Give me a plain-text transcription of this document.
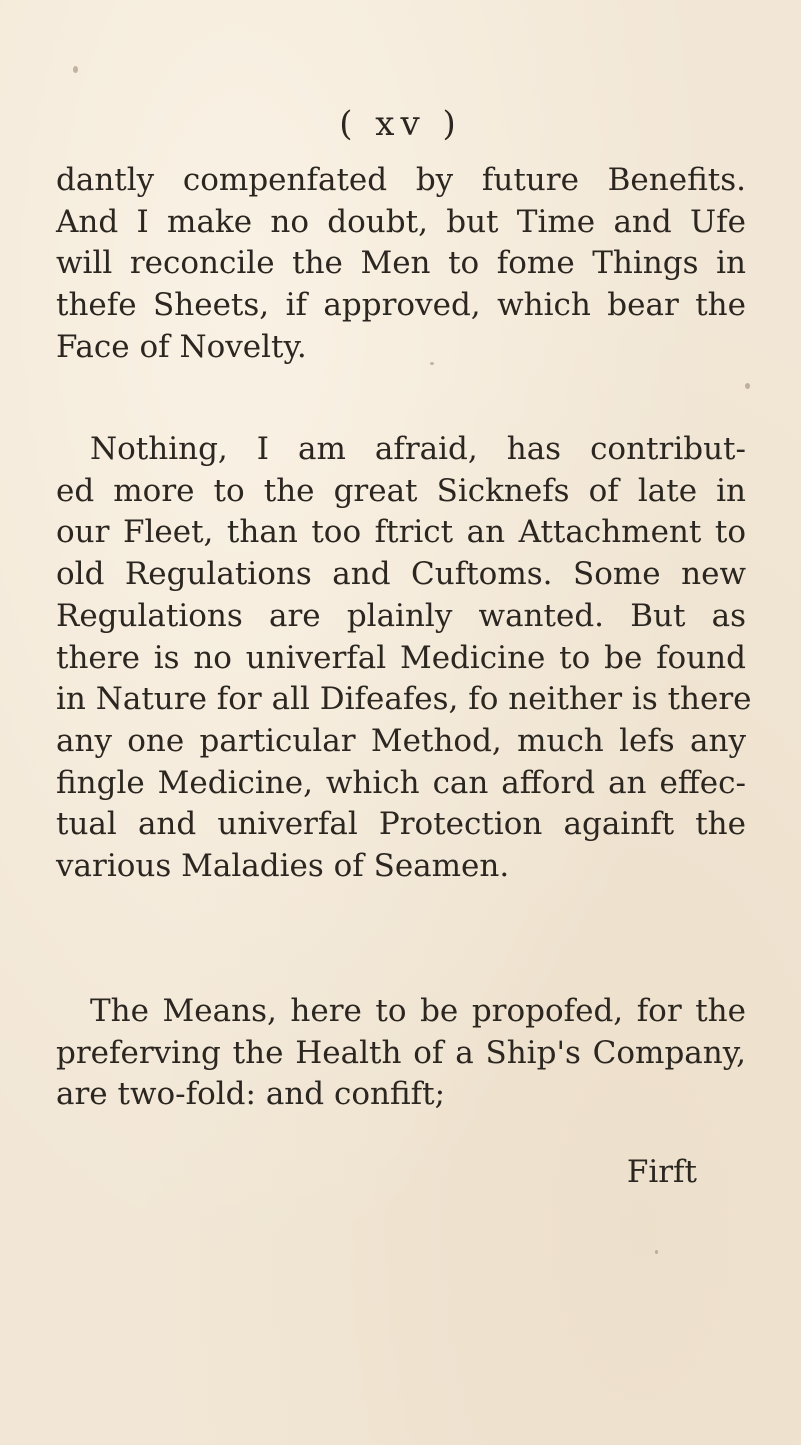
( xv )
dantly compenfated by future Benefits.
And I make no doubt, but Time and Ufe
will reconcile the Men to fome Things in
thefe Sheets, if approved, which bear the
Face of Novelty.
Nothing, I am afraid, has contribut-
ed more to the great Sicknefs of late in
our Fleet, than too ftrict an Attachment to
old Regulations and Cuftoms. Some new
Regulations are plainly wanted. But as
there is no univerfal Medicine to be found
in Nature for all Difeafes, fo neither is there
any one particular Method, much lefs any
fingle Medicine, which can afford an effec-
tual and univerfal Protection againft the
various Maladies of Seamen.
The Means, here to be propofed, for the
preferving the Health of a Ship's Company,
are two-fold: and confift;
Firft
